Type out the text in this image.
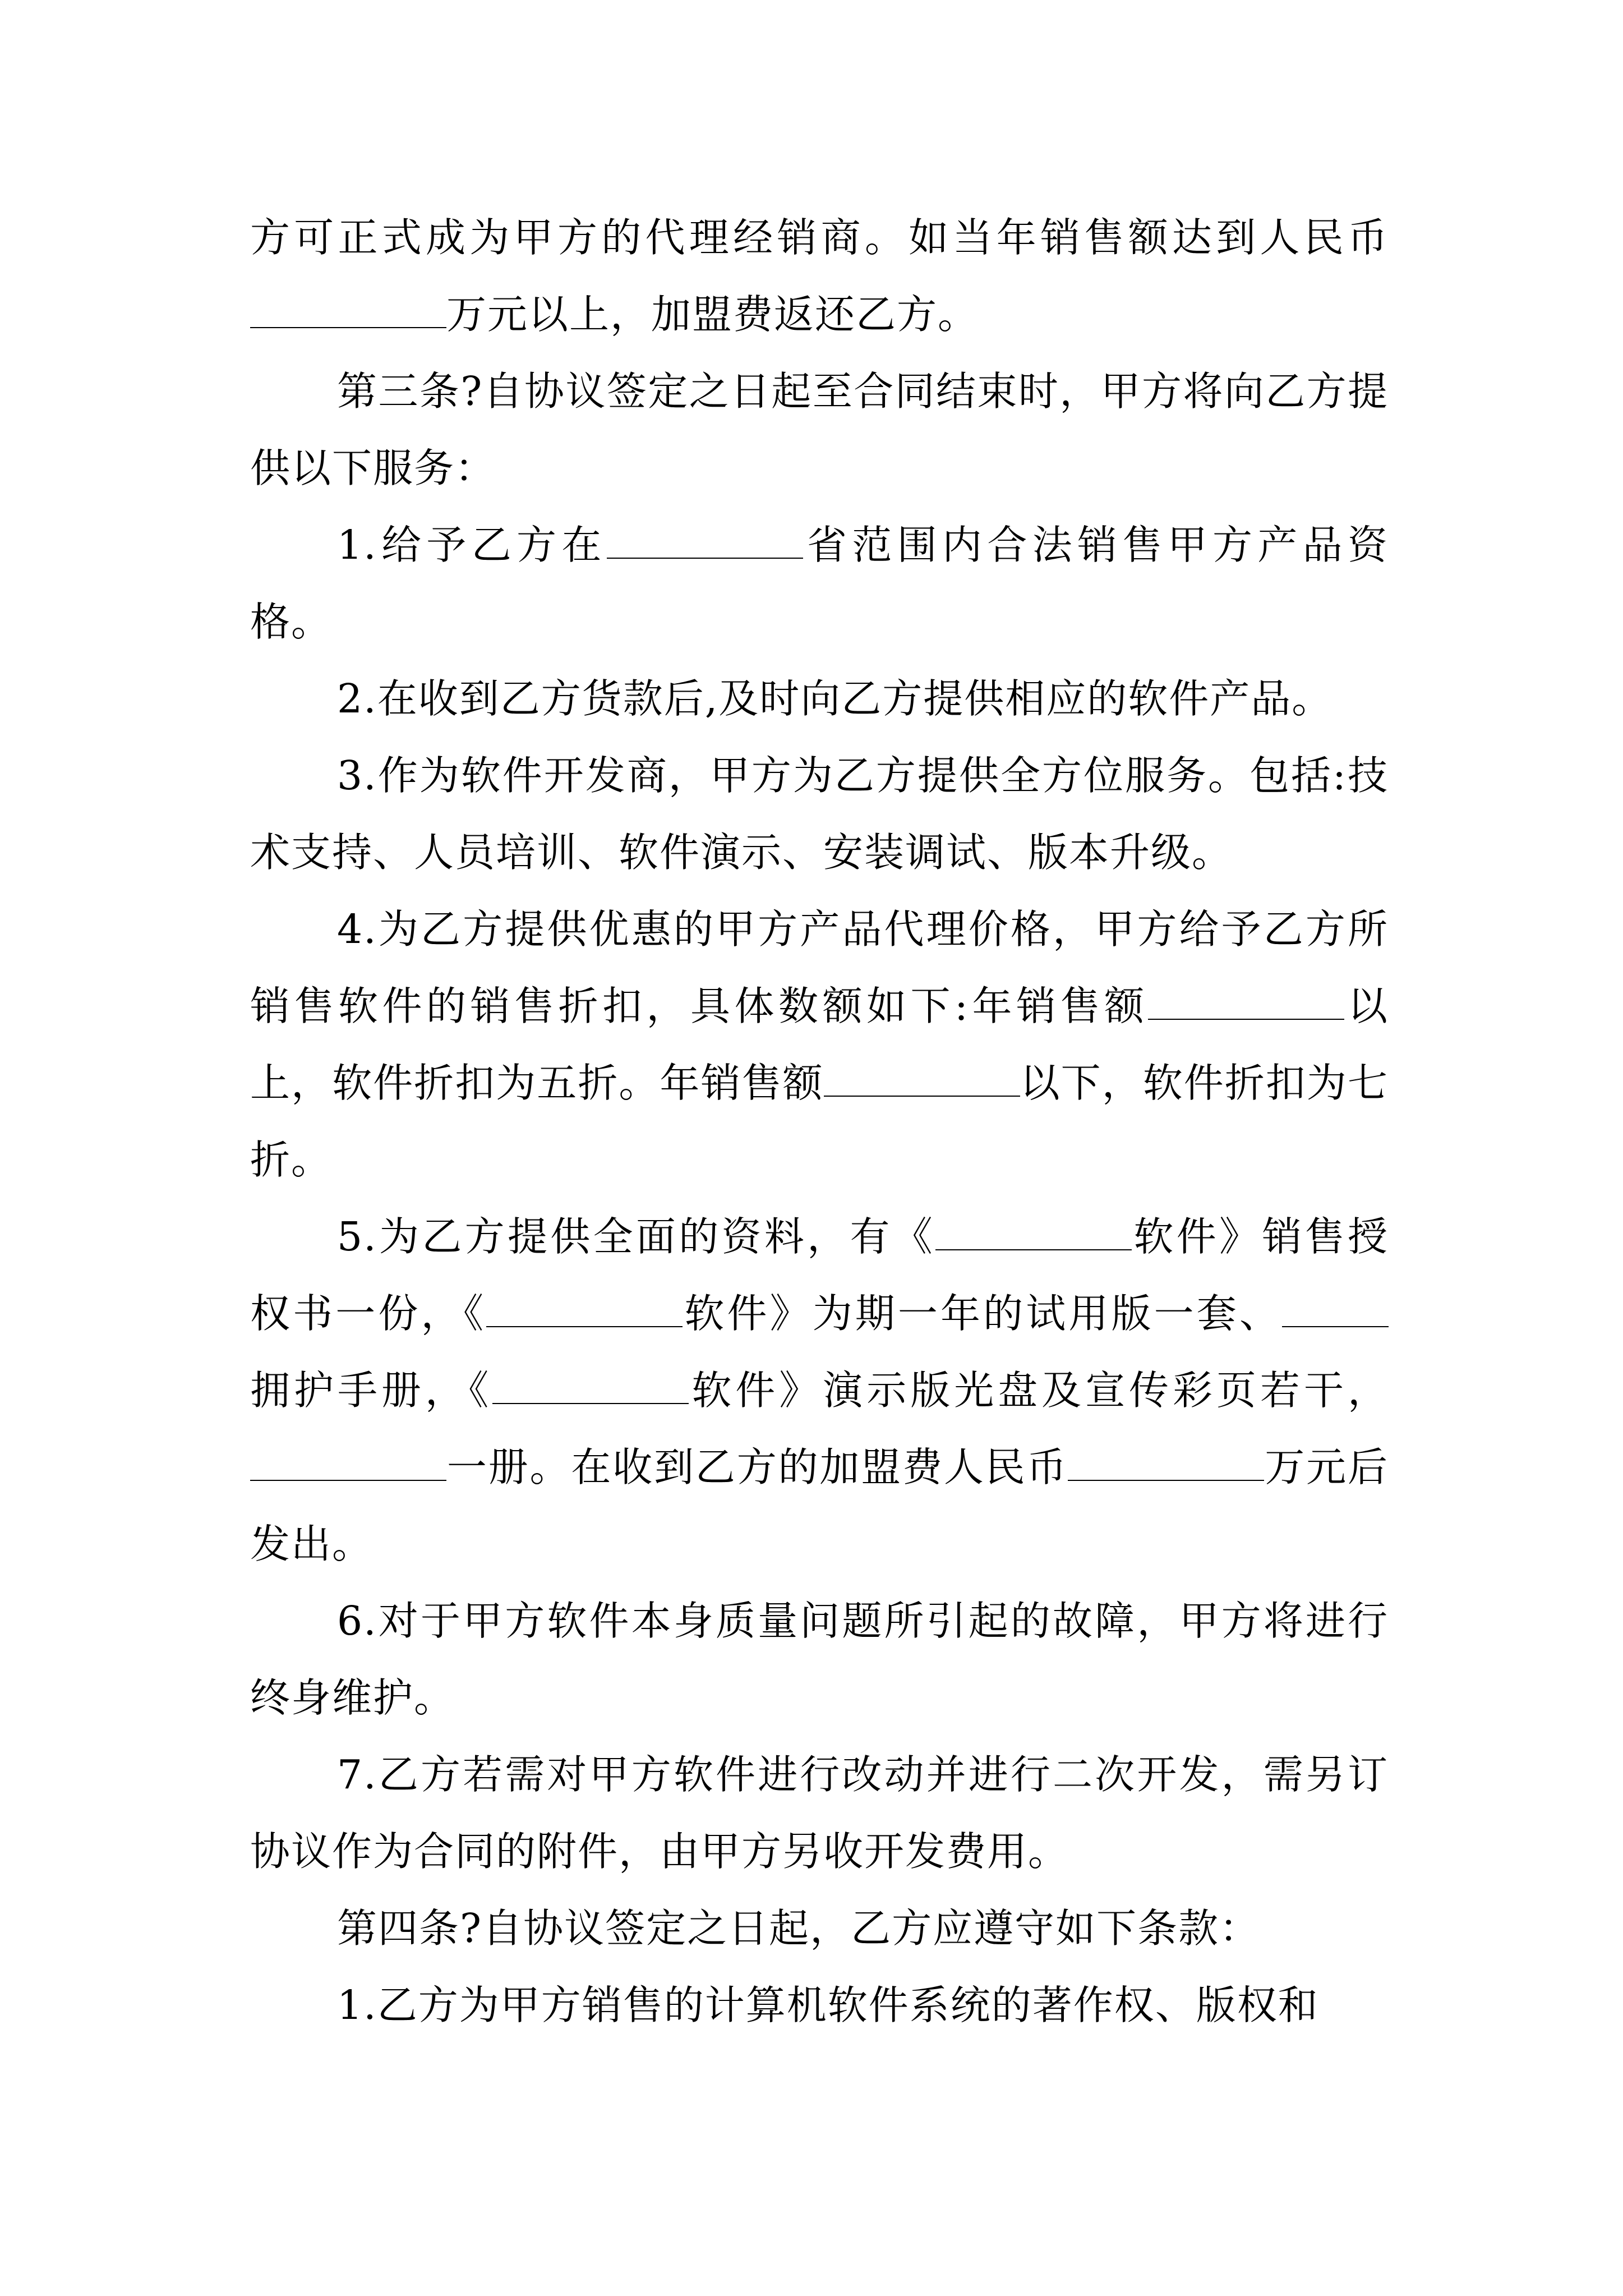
方可正式成为甲方的代理经销商。如当年销售额达到人民币万元以上，加盟费返还乙方。

第三条?自协议签定之日起至合同结束时，甲方将向乙方提供以下服务：

1.给予乙方在	省范围内合法销售甲方产品资格。

2.在收到乙方货款后,及时向乙方提供相应的软件产品。

3.作为软件开发商，甲方为乙方提供全方位服务。包括:技术支持、人员培训、软件演示、安装调试、版本升级。

4.为乙方提供优惠的甲方产品代理价格，甲方给予乙方所销售软件的销售折扣，具体数额如下:年销售额	以上，软件折扣为五折。年销售额	以下，软件折扣为七折。

5.为乙方提供全面的资料，有《	软件》销售授权书一份，《	软件》为期一年的试用版一套、拥护手册，《	软件》演示版光盘及宣传彩页若干，一册。在收到乙方的加盟费人民币	万元后发出。

6.对于甲方软件本身质量问题所引起的故障，甲方将进行终身维护。

7.乙方若需对甲方软件进行改动并进行二次开发，需另订协议作为合同的附件，由甲方另收开发费用。

第四条?自协议签定之日起，乙方应遵守如下条款：

1.乙方为甲方销售的计算机软件系统的著作权、版权和
